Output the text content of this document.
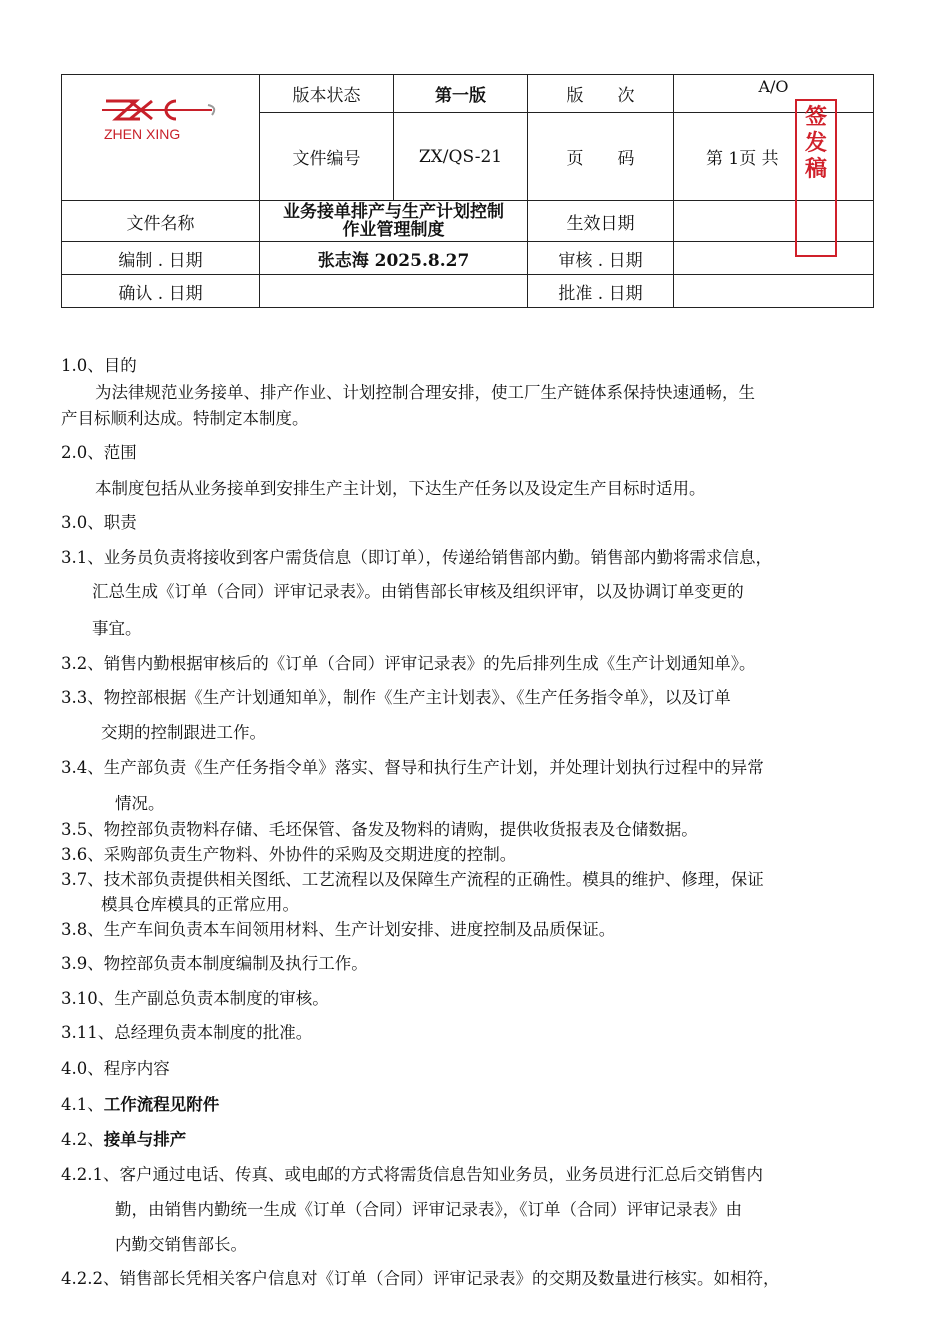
ZHEN XING	版本状态	第一版	版　　次	A/O
	文件编号	ZX/QS-21	页　　码	第 1页 共
文件名称	业务接单排产与生产计划控制
作业管理制度		生效日期	
编制 . 日期	张志海 2025.8.27		审核 . 日期	
确认 . 日期			批准 . 日期	
签
发
稿
1.0、目的
为法律规范业务接单、排产作业、计划控制合理安排，使工厂生产链体系保持快速通畅，生
产目标顺利达成。特制定本制度。
2.0、范围
本制度包括从业务接单到安排生产主计划，下达生产任务以及设定生产目标时适用。
3.0、职责
3.1、业务员负责将接收到客户需货信息（即订单），传递给销售部内勤。销售部内勤将需求信息，
汇总生成《订单（合同）评审记录表》。由销售部长审核及组织评审，以及协调订单变更的
事宜。
3.2、销售内勤根据审核后的《订单（合同）评审记录表》的先后排列生成《生产计划通知单》。
3.3、物控部根据《生产计划通知单》，制作《生产主计划表》、《生产任务指令单》，以及订单
交期的控制跟进工作。
3.4、生产部负责《生产任务指令单》落实、督导和执行生产计划，并处理计划执行过程中的异常
情况。
3.5、物控部负责物料存储、毛坯保管、备发及物料的请购，提供收货报表及仓储数据。
3.6、采购部负责生产物料、外协件的采购及交期进度的控制。
3.7、技术部负责提供相关图纸、工艺流程以及保障生产流程的正确性。模具的维护、修理，保证
模具仓库模具的正常应用。
3.8、生产车间负责本车间领用材料、生产计划安排、进度控制及品质保证。
3.9、物控部负责本制度编制及执行工作。
3.10、生产副总负责本制度的审核。
3.11、总经理负责本制度的批准。
4.0、程序内容
4.1、工作流程见附件
4.2、接单与排产
4.2.1、客户通过电话、传真、或电邮的方式将需货信息告知业务员，业务员进行汇总后交销售内
勤，由销售内勤统一生成《订单（合同）评审记录表》，《订单（合同）评审记录表》由
内勤交销售部长。
4.2.2、销售部长凭相关客户信息对《订单（合同）评审记录表》的交期及数量进行核实。如相符，
